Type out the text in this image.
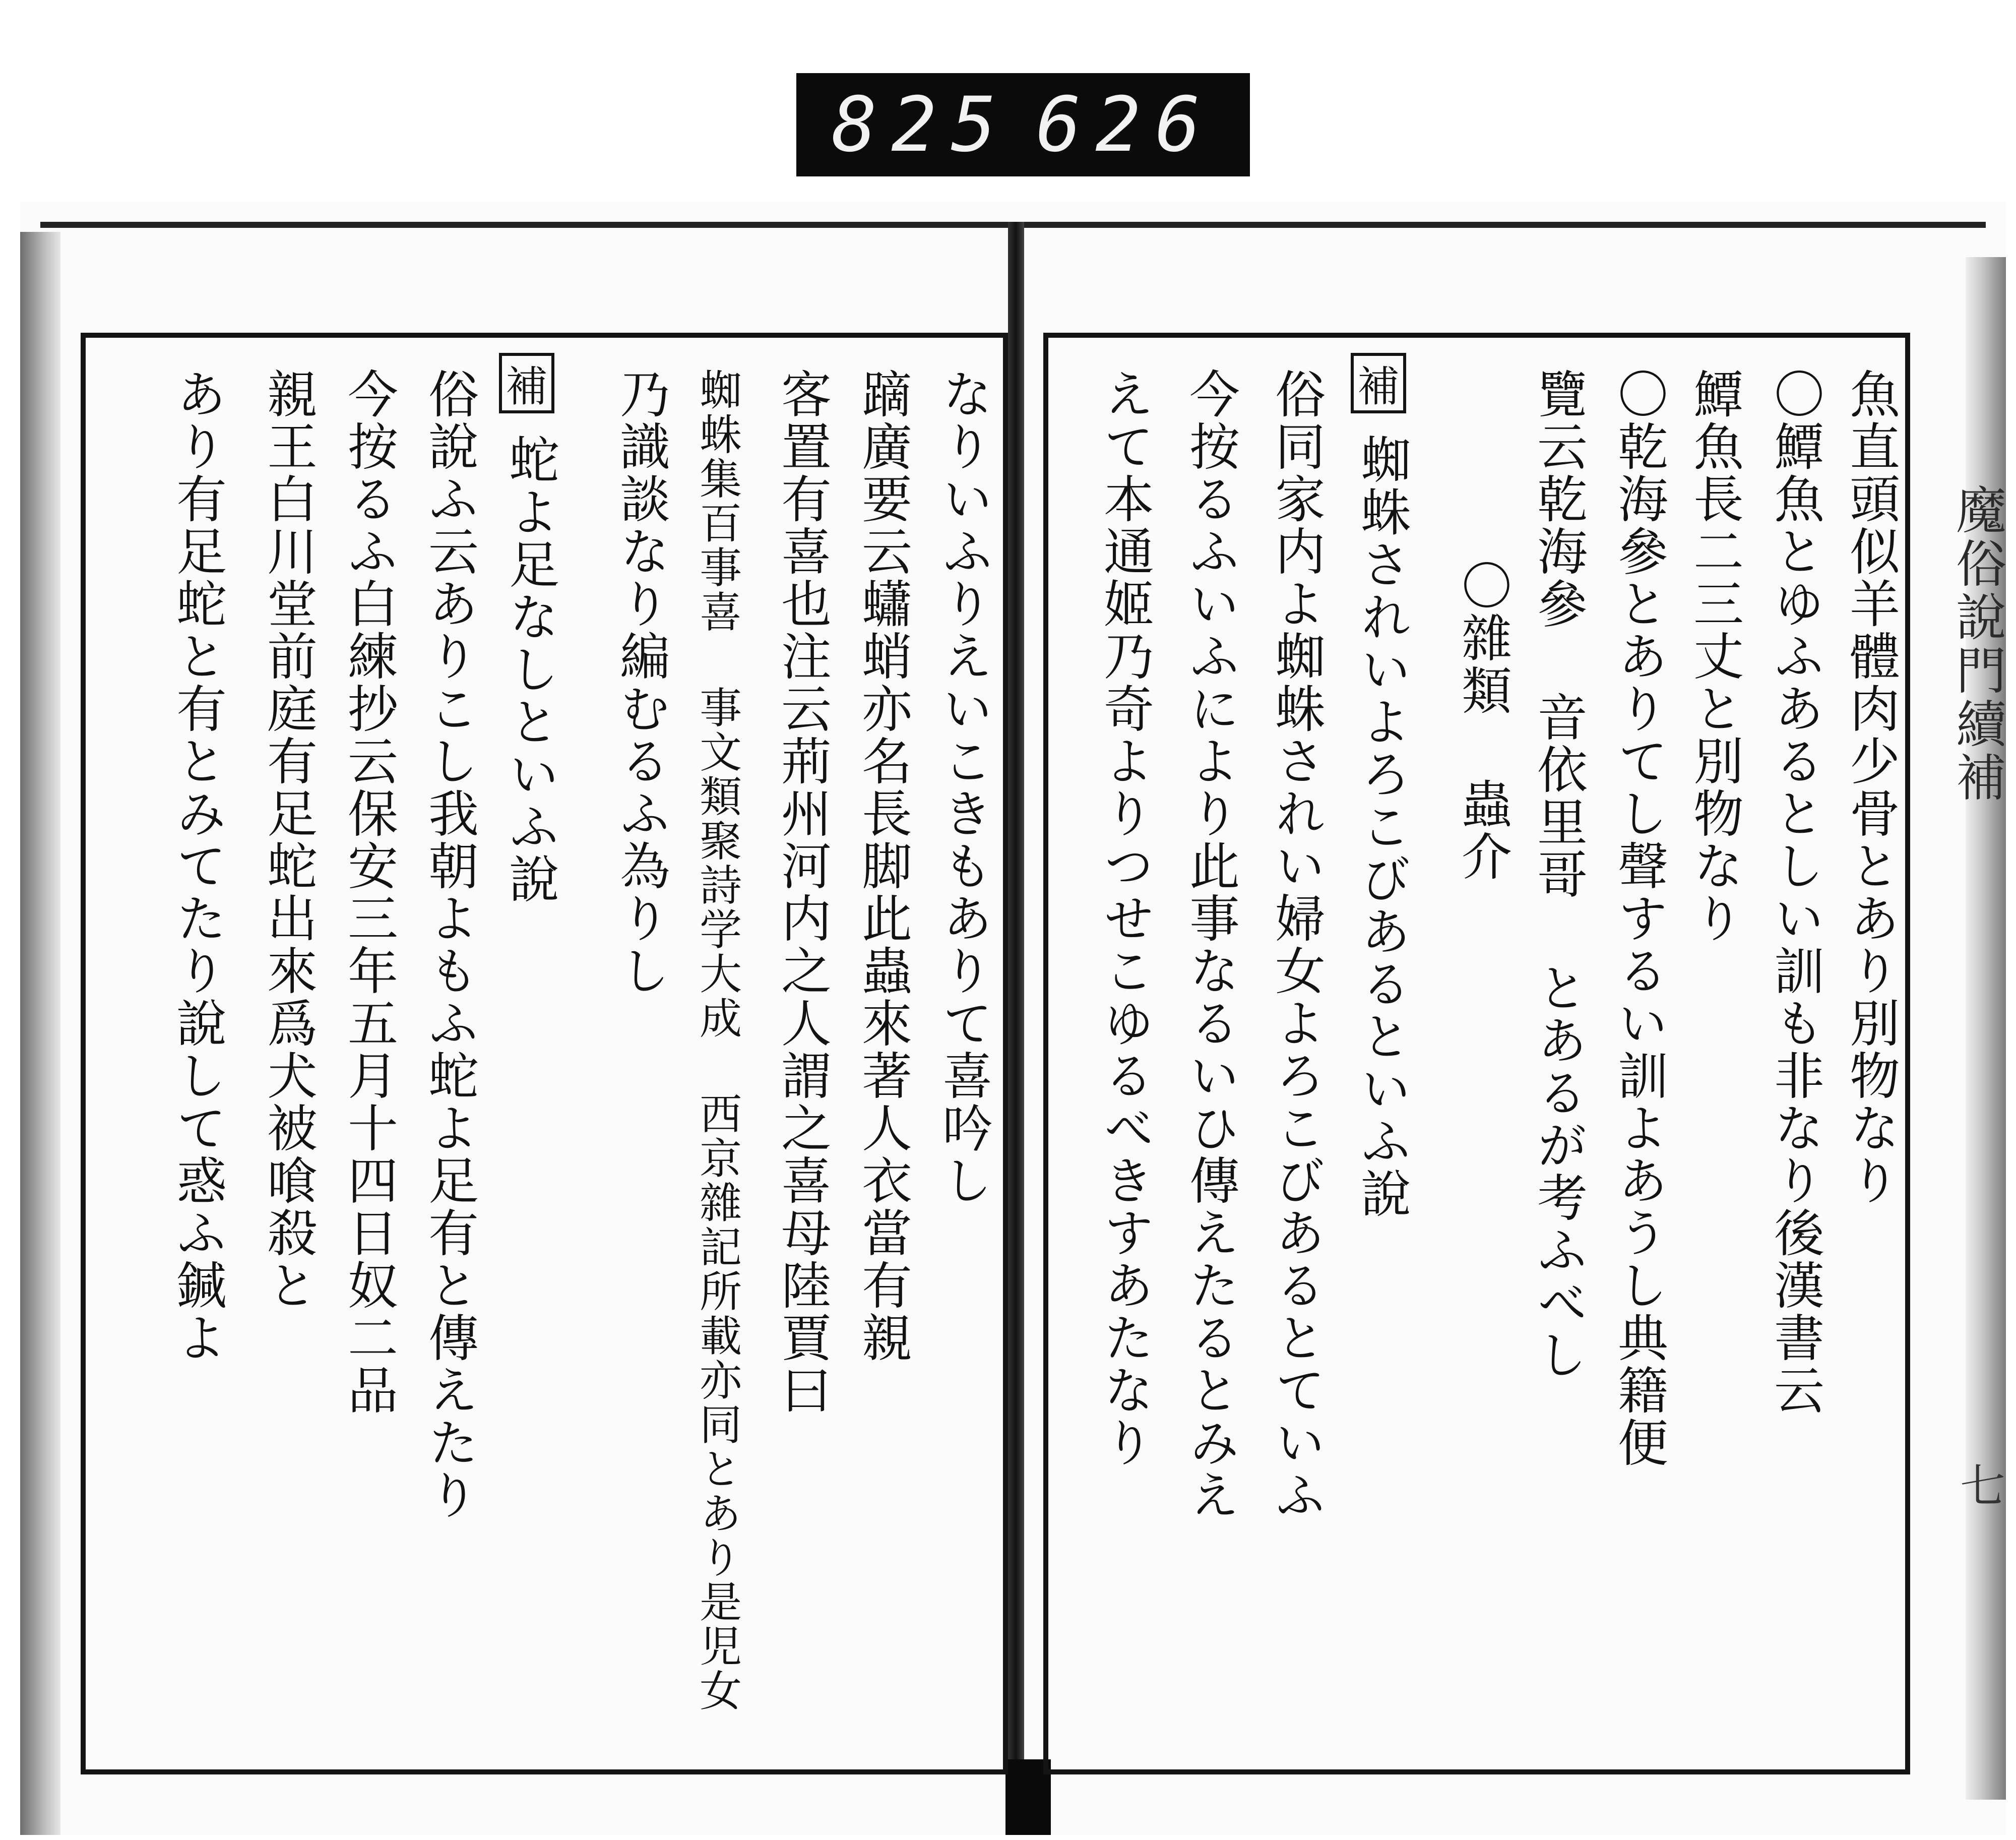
825 626
補	なりいふりえいこきもありて喜吟し
蹢廣要云蠨蛸亦名長脚此蟲來著人衣當有親
客置有喜也注云荊州河内之人謂之喜母陸賈曰
蜘蛛集百事喜 事文類聚詩学大成 西京雜記所載亦同とあり是児女
乃識談なり編むるふ為りし
蛇よ足なしといふ說
俗說ふ云ありこし我朝よもふ蛇よ足有と傳えたり
今按るふ白練抄云保安三年五月十四日奴二品
親王白川堂前庭有足蛇出來爲犬被喰殺と
あり有足蛇と有とみてたり說して惑ふ鍼よ	魚直頭似羊體肉少骨とあり別物なり
〇鱏魚とゆふあるとしい訓も非なり後漢書云
鱏魚長二三丈と別物なり
〇乾海參とありてし聲するい訓よあうし典籍便
覽云乾海參 音依里哥 とあるが考ふべし
〇雜類 蟲介
補
蜘蛛されいよろこびあるといふ說
俗同家内よ蜘蛛されい婦女よろこびあるとていふ
今按るふいふにより此事なるいひ傳えたるとみえ
えて本通姬乃奇よりつせこゆるべきすあたなり	魔俗說門續補
七
